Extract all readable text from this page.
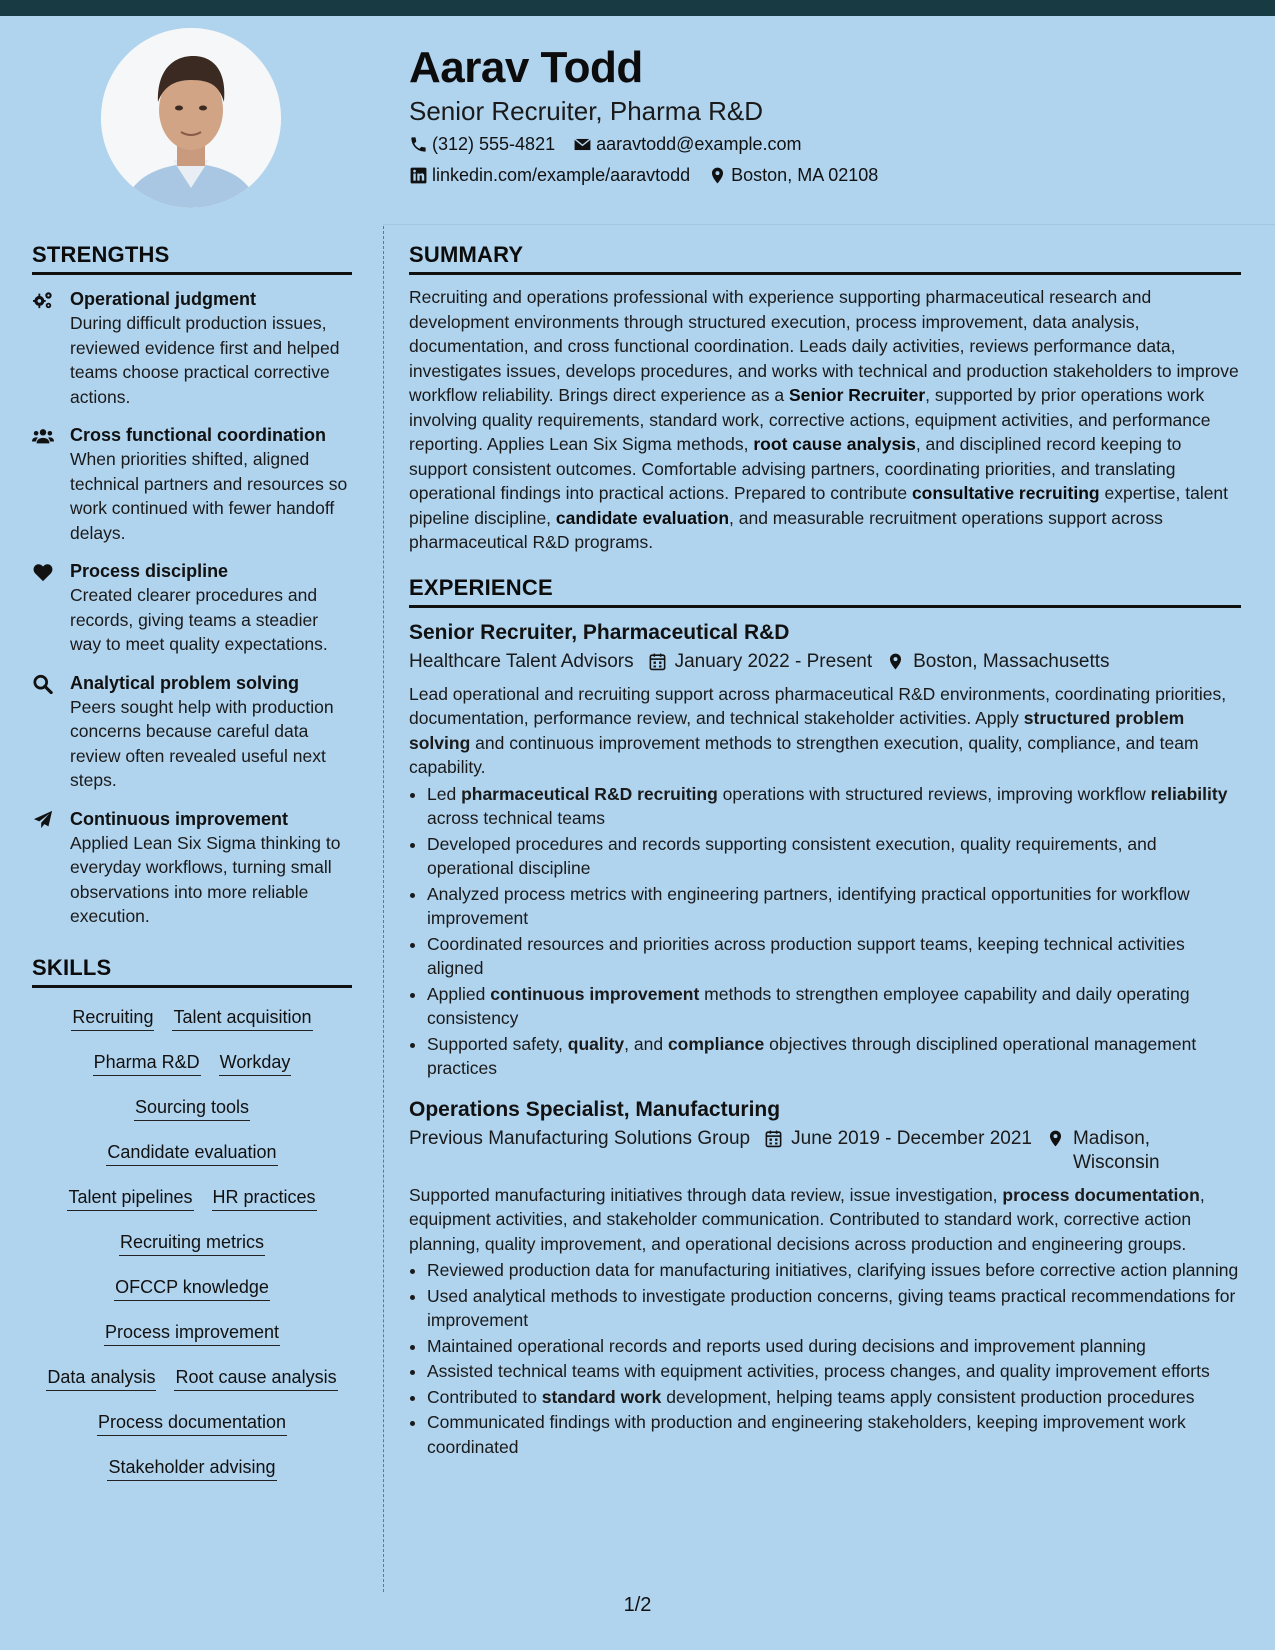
Aarav Todd
Senior Recruiter, Pharma R&D
(312) 555-4821 aaravtodd@example.com
linkedin.com/example/aaravtodd Boston, MA 02108
STRENGTHS
Operational judgment
During difficult production issues, reviewed evidence first and helped teams choose practical corrective actions.
Cross functional coordination
When priorities shifted, aligned technical partners and resources so work continued with fewer handoff delays.
Process discipline
Created clearer procedures and records, giving teams a steadier way to meet quality expectations.
Analytical problem solving
Peers sought help with production concerns because careful data review often revealed useful next steps.
Continuous improvement
Applied Lean Six Sigma thinking to everyday workflows, turning small observations into more reliable execution.
SKILLS
Recruiting Talent acquisition
Pharma R&D Workday
Sourcing tools
Candidate evaluation
Talent pipelines HR practices
Recruiting metrics
OFCCP knowledge
Process improvement
Data analysis Root cause analysis
Process documentation
Stakeholder advising
SUMMARY

Recruiting and operations professional with experience supporting pharmaceutical research and development environments through structured execution, process improvement, data analysis, documentation, and cross functional coordination. Leads daily activities, reviews performance data, investigates issues, develops procedures, and works with technical and production stakeholders to improve workflow reliability. Brings direct experience as a Senior Recruiter, supported by prior operations work involving quality requirements, standard work, corrective actions, equipment activities, and performance reporting. Applies Lean Six Sigma methods, root cause analysis, and disciplined record keeping to support consistent outcomes. Comfortable advising partners, coordinating priorities, and translating operational findings into practical actions. Prepared to contribute consultative recruiting expertise, talent pipeline discipline, candidate evaluation, and measurable recruitment operations support across pharmaceutical R&D programs.

EXPERIENCE
Senior Recruiter, Pharmaceutical R&D
Healthcare Talent Advisors January 2022 - Present Boston, Massachusetts
Lead operational and recruiting support across pharmaceutical R&D environments, coordinating priorities, documentation, performance review, and technical stakeholder activities. Apply structured problem solving and continuous improvement methods to strengthen execution, quality, compliance, and team capability.
• Led pharmaceutical R&D recruiting operations with structured reviews, improving workflow reliability across technical teams
• Developed procedures and records supporting consistent execution, quality requirements, and operational discipline
• Analyzed process metrics with engineering partners, identifying practical opportunities for workflow improvement
• Coordinated resources and priorities across production support teams, keeping technical activities aligned
• Applied continuous improvement methods to strengthen employee capability and daily operating consistency
• Supported safety, quality, and compliance objectives through disciplined operational management practices
Operations Specialist, Manufacturing
Previous Manufacturing Solutions Group June 2019 - December 2021 Madison, Wisconsin
Supported manufacturing initiatives through data review, issue investigation, process documentation, equipment activities, and stakeholder communication. Contributed to standard work, corrective action planning, quality improvement, and operational decisions across production and engineering groups.
• Reviewed production data for manufacturing initiatives, clarifying issues before corrective action planning
• Used analytical methods to investigate production concerns, giving teams practical recommendations for improvement
• Maintained operational records and reports used during decisions and improvement planning
• Assisted technical teams with equipment activities, process changes, and quality improvement efforts
• Contributed to standard work development, helping teams apply consistent production procedures
• Communicated findings with production and engineering stakeholders, keeping improvement work coordinated
1/2
